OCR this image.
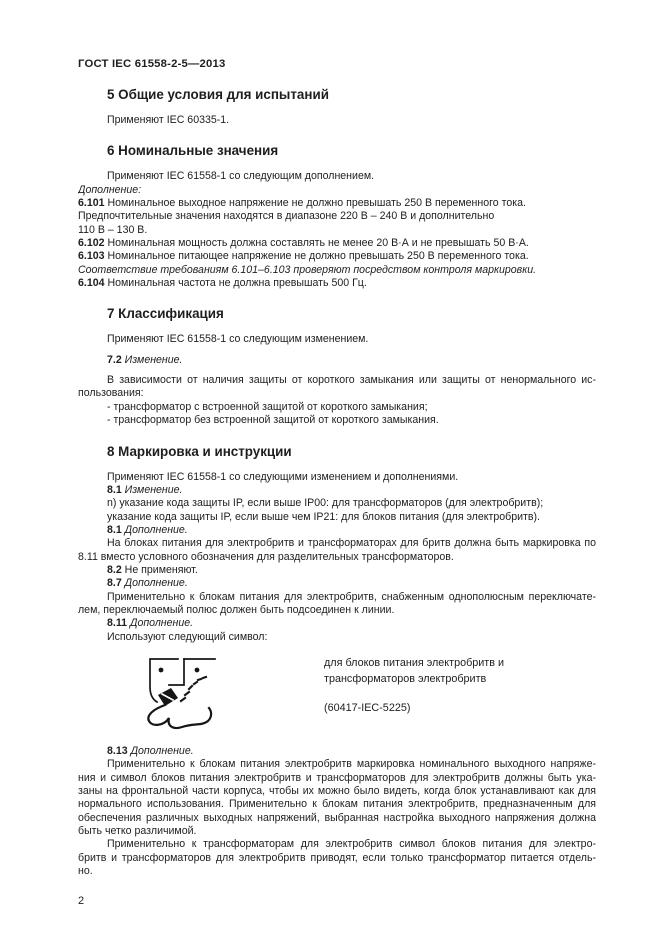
ГОСТ IEC 61558-2-5—2013
5 Общие условия для испытаний
Применяют IEC 60335-1.
6 Номинальные значения
Применяют IEC 61558-1 со следующим дополнением.
Дополнение:
6.101 Номинальное выходное напряжение не должно превышать 250 В переменного тока.
Предпочтительные значения находятся в диапазоне 220 В – 240 В и дополнительно
110 В – 130 В.
6.102 Номинальная мощность должна составлять не менее 20 В·А и не превышать 50 В·А.
6.103 Номинальное питающее напряжение не должно превышать 250 В переменного тока.
Соответствие требованиям 6.101–6.103 проверяют посредством контроля маркировки.
6.104 Номинальная частота не должна превышать 500 Гц.
7 Классификация
Применяют IEC 61558-1 со следующим изменением.
7.2 Изменение.
В зависимости от наличия защиты от короткого замыкания или защиты от ненормального ис-
пользования:
- трансформатор с встроенной защитой от короткого замыкания;
- трансформатор без встроенной защитой от короткого замыкания.
8 Маркировка и инструкции
Применяют IEC 61558-1 со следующими изменением и дополнениями.
8.1 Изменение.
n) указание кода защиты IP, если выше IP00: для трансформаторов (для электробритв);
указание кода защиты IP, если выше чем IP21: для блоков питания (для электробритв).
8.1 Дополнение.
На блоках питания для электробритв и трансформаторах для бритв должна быть маркировка по
8.11 вместо условного обозначения для разделительных трансформаторов.
8.2 Не применяют.
8.7 Дополнение.
Применительно к блокам питания для электробритв, снабженным однополюсным переключате-
лем, переключаемый полюс должен быть подсоединен к линии.
8.11 Дополнение.
Используют следующий символ:
для блоков питания электробритв и
трансформаторов электробритв
(60417-IEC-5225)
8.13 Дополнение.
Применительно к блокам питания электробритв маркировка номинального выходного напряже-
ния и символ блоков питания электробритв и трансформаторов для электробритв должны быть ука-
заны на фронтальной части корпуса, чтобы их можно было видеть, когда блок устанавливают как для
нормального использования. Применительно к блокам питания электробритв, предназначенным для
обеспечения различных выходных напряжений, выбранная настройка выходного напряжения должна
быть четко различимой.
Применительно к трансформаторам для электробритв символ блоков питания для электро-
бритв и трансформаторов для электробритв приводят, если только трансформатор питается отдель-
но.
2
